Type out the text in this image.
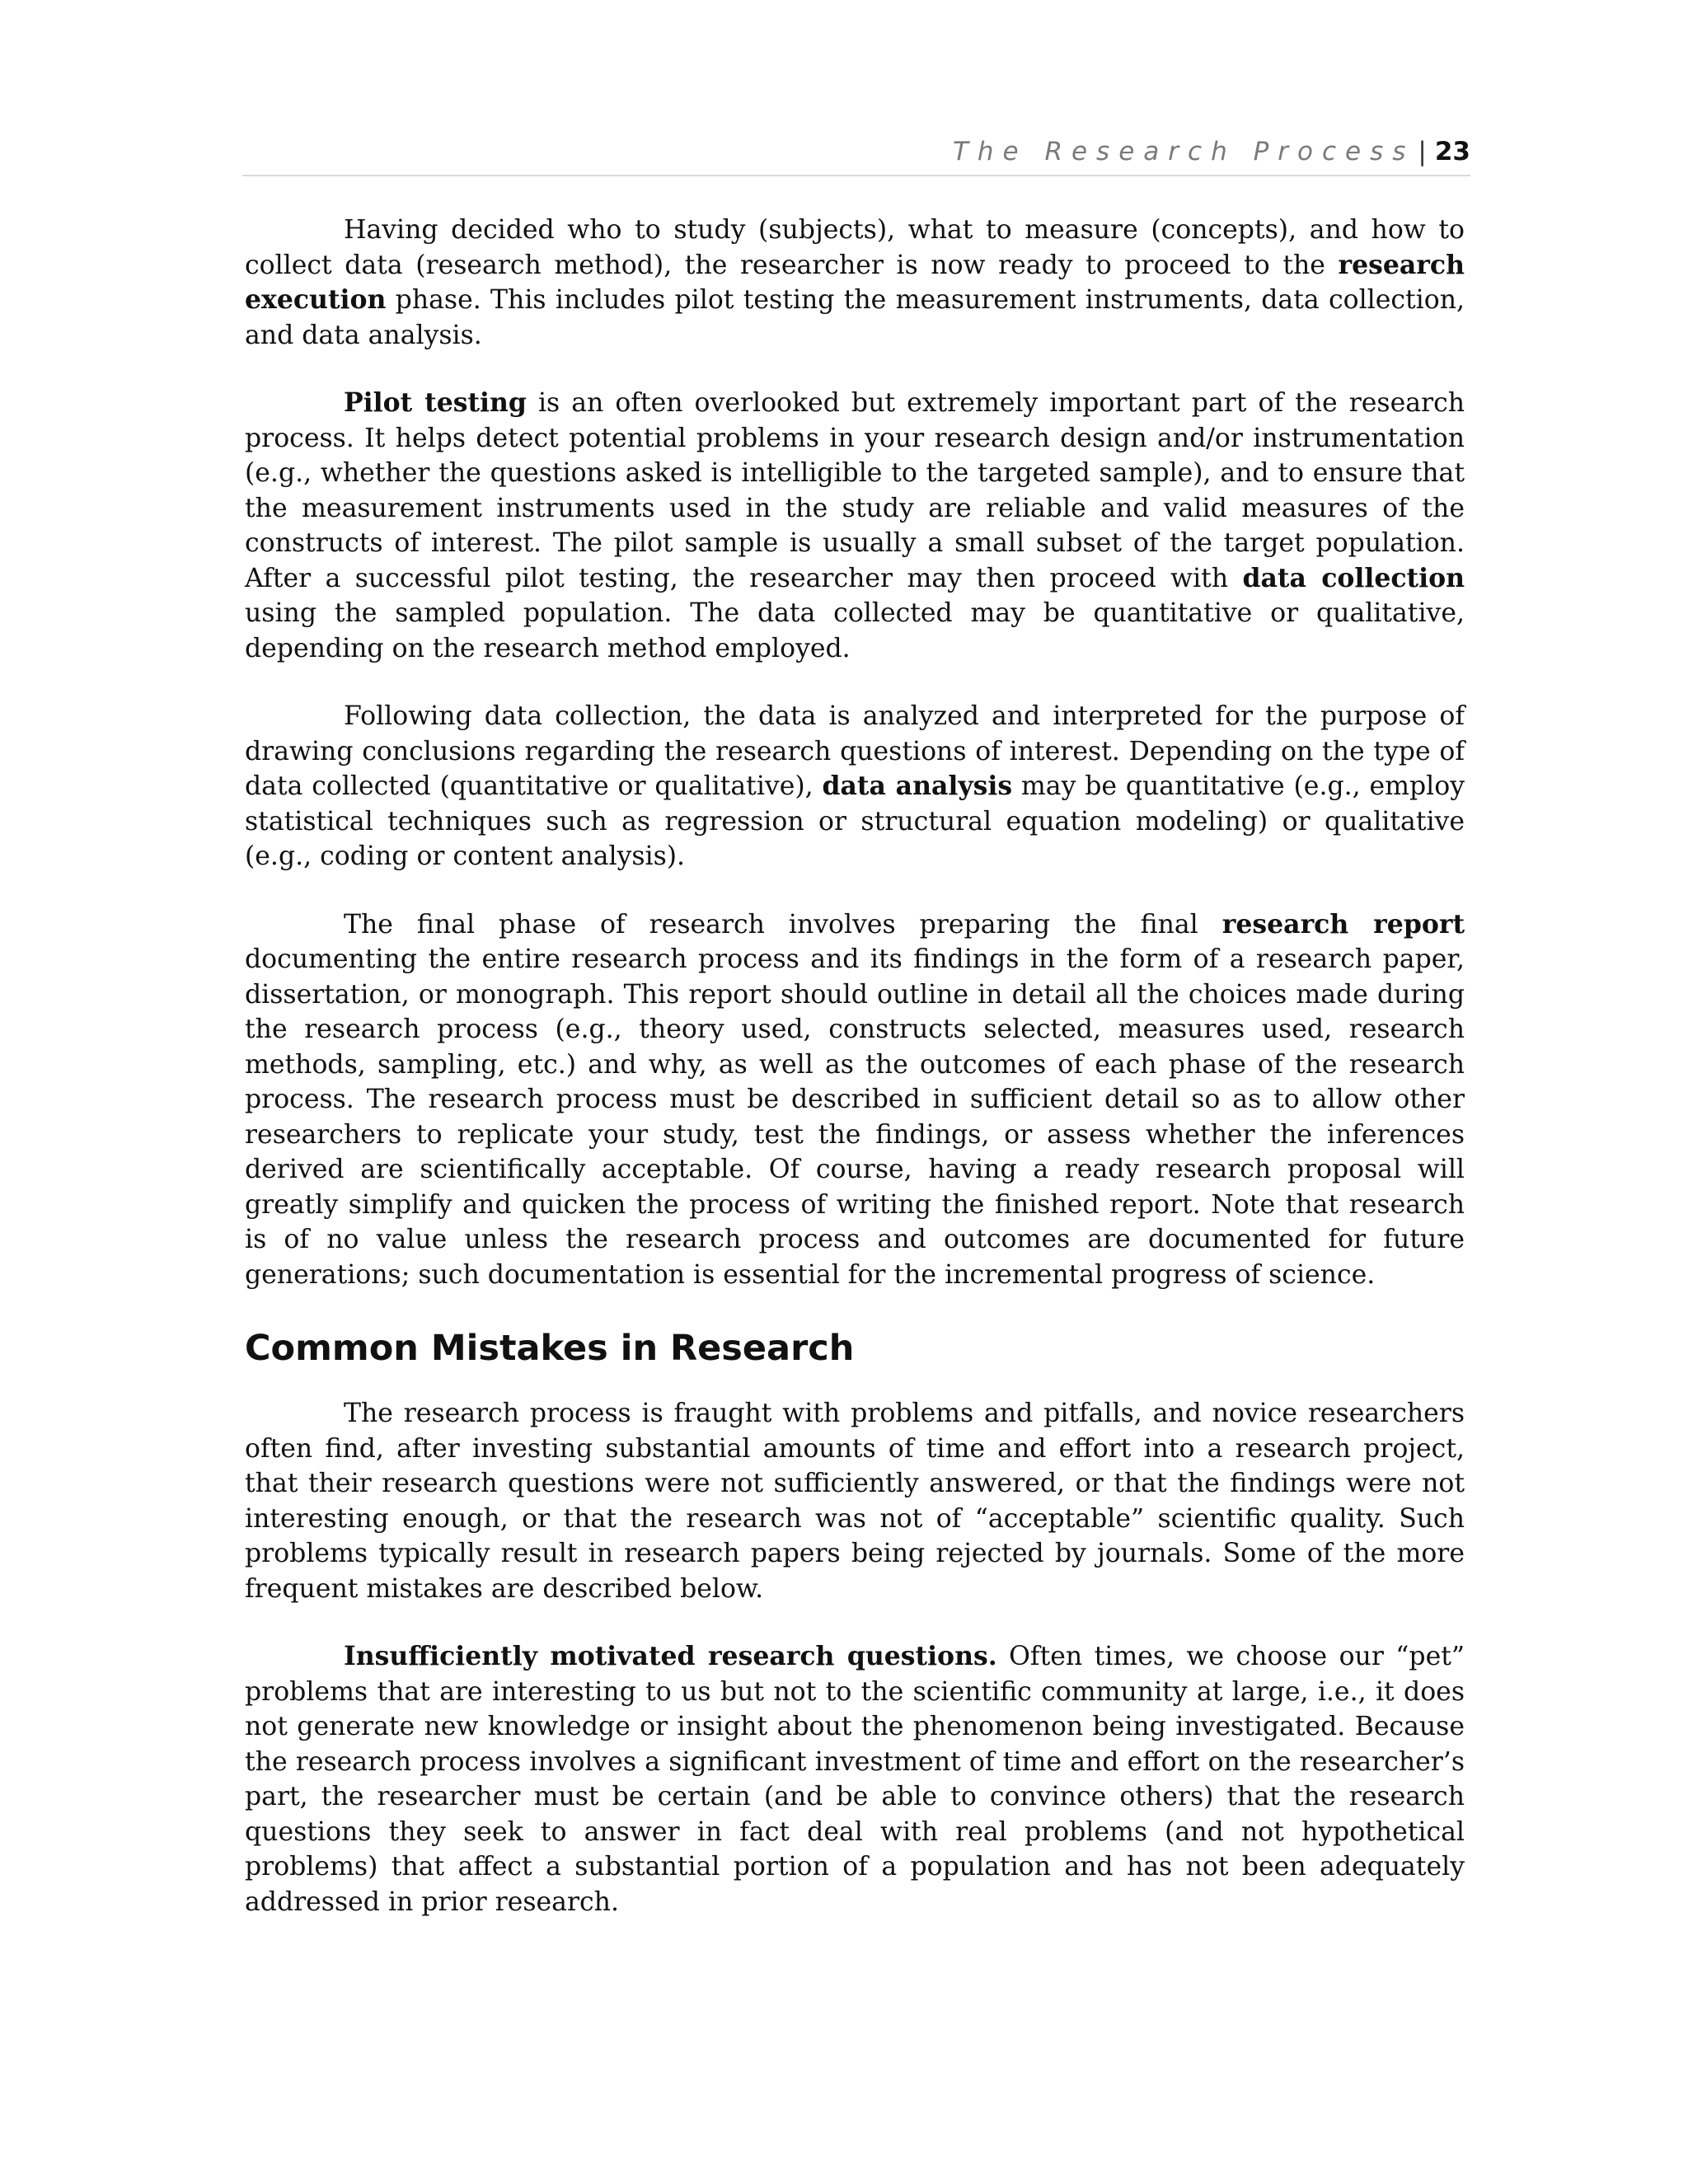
The Research Process | 23

Having decided who to study (subjects), what to measure (concepts), and how to collect data (research method), the researcher is now ready to proceed to the research execution phase. This includes pilot testing the measurement instruments, data collection, and data analysis.

Pilot testing is an often overlooked but extremely important part of the research process. It helps detect potential problems in your research design and/or instrumentation (e.g., whether the questions asked is intelligible to the targeted sample), and to ensure that the measurement instruments used in the study are reliable and valid measures of the constructs of interest. The pilot sample is usually a small subset of the target population. After a successful pilot testing, the researcher may then proceed with data collection using the sampled population. The data collected may be quantitative or qualitative, depending on the research method employed.

Following data collection, the data is analyzed and interpreted for the purpose of drawing conclusions regarding the research questions of interest. Depending on the type of data collected (quantitative or qualitative), data analysis may be quantitative (e.g., employ statistical techniques such as regression or structural equation modeling) or qualitative (e.g., coding or content analysis).

The final phase of research involves preparing the final research report documenting the entire research process and its findings in the form of a research paper, dissertation, or monograph. This report should outline in detail all the choices made during the research process (e.g., theory used, constructs selected, measures used, research methods, sampling, etc.) and why, as well as the outcomes of each phase of the research process. The research process must be described in sufficient detail so as to allow other researchers to replicate your study, test the findings, or assess whether the inferences derived are scientifically acceptable. Of course, having a ready research proposal will greatly simplify and quicken the process of writing the finished report. Note that research is of no value unless the research process and outcomes are documented for future generations; such documentation is essential for the incremental progress of science.

Common Mistakes in Research

The research process is fraught with problems and pitfalls, and novice researchers often find, after investing substantial amounts of time and effort into a research project, that their research questions were not sufficiently answered, or that the findings were not interesting enough, or that the research was not of “acceptable” scientific quality. Such problems typically result in research papers being rejected by journals. Some of the more frequent mistakes are described below.

Insufficiently motivated research questions. Often times, we choose our “pet” problems that are interesting to us but not to the scientific community at large, i.e., it does not generate new knowledge or insight about the phenomenon being investigated. Because the research process involves a significant investment of time and effort on the researcher’s part, the researcher must be certain (and be able to convince others) that the research questions they seek to answer in fact deal with real problems (and not hypothetical problems) that affect a substantial portion of a population and has not been adequately addressed in prior research.
